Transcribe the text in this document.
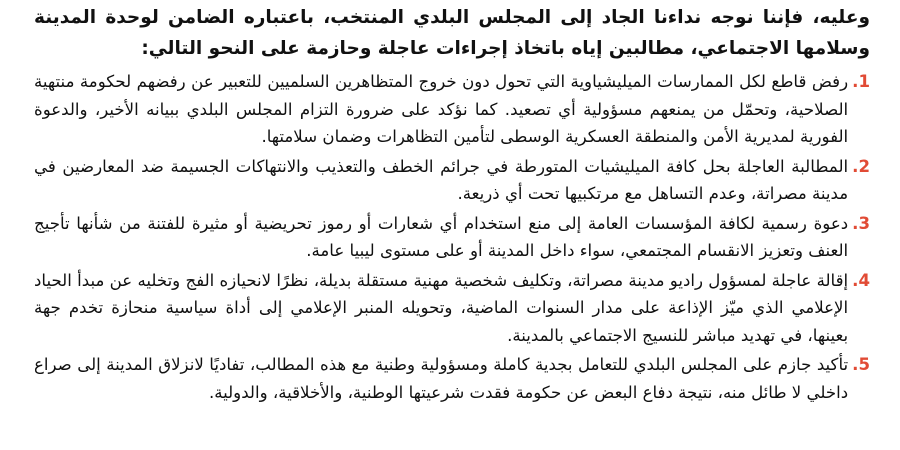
وعليه، فإننا نوجه نداءنا الجاد إلى المجلس البلدي المنتخب، باعتباره الضامن لوحدة المدينة وسلامها الاجتماعي، مطالبين إياه باتخاذ إجراءات عاجلة وحازمة على النحو التالي:

1.
رفض قاطع لكل الممارسات الميليشياوية التي تحول دون خروج المتظاهرين السلميين للتعبير عن رفضهم لحكومة منتهية الصلاحية، وتحمّل من يمنعهم مسؤولية أي تصعيد. كما نؤكد على ضرورة التزام المجلس البلدي ببيانه الأخير، والدعوة الفورية لمديرية الأمن والمنطقة العسكرية الوسطى لتأمين التظاهرات وضمان سلامتها.
2.
المطالبة العاجلة بحل كافة الميليشيات المتورطة في جرائم الخطف والتعذيب والانتهاكات الجسيمة ضد المعارضين في مدينة مصراتة، وعدم التساهل مع مرتكبيها تحت أي ذريعة.
3.
دعوة رسمية لكافة المؤسسات العامة إلى منع استخدام أي شعارات أو رموز تحريضية أو مثيرة للفتنة من شأنها تأجيج العنف وتعزيز الانقسام المجتمعي، سواء داخل المدينة أو على مستوى ليبيا عامة.
4.
إقالة عاجلة لمسؤول راديو مدينة مصراتة، وتكليف شخصية مهنية مستقلة بديلة، نظرًا لانحيازه الفج وتخليه عن مبدأ الحياد الإعلامي الذي ميّز الإذاعة على مدار السنوات الماضية، وتحويله المنبر الإعلامي إلى أداة سياسية منحازة تخدم جهة بعينها، في تهديد مباشر للنسيج الاجتماعي بالمدينة.
5.
تأكيد جازم على المجلس البلدي للتعامل بجدية كاملة ومسؤولية وطنية مع هذه المطالب، تفاديًا لانزلاق المدينة إلى صراع داخلي لا طائل منه، نتيجة دفاع البعض عن حكومة فقدت شرعيتها الوطنية، والأخلاقية، والدولية.
